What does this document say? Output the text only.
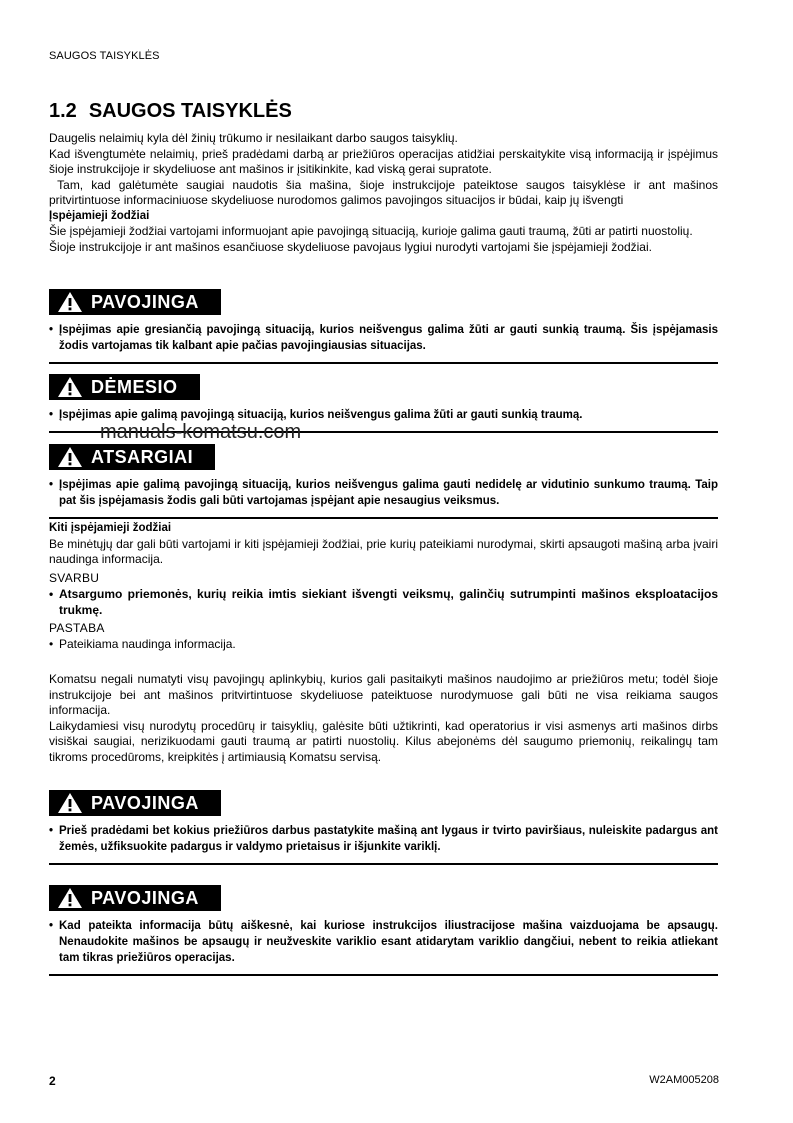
SAUGOS TAISYKLĖS
1.2 SAUGOS TAISYKLĖS

Daugelis nelaimių kyla dėl žinių trūkumo ir nesilaikant darbo saugos taisyklių.

Kad išvengtumėte nelaimių, prieš pradėdami darbą ar priežiūros operacijas atidžiai perskaitykite visą informaciją ir įspėjimus šioje instrukcijoje ir skydeliuose ant mašinos ir įsitikinkite, kad viską gerai supratote.

Tam, kad galėtumėte saugiai naudotis šia mašina, šioje instrukcijoje pateiktose saugos taisyklėse ir ant mašinos pritvirtintuose informaciniuose skydeliuose nurodomos galimos pavojingos situacijos ir būdai, kaip jų išvengti

Įspėjamieji žodžiai

Šie įspėjamieji žodžiai vartojami informuojant apie pavojingą situaciją, kurioje galima gauti traumą, žūti ar patirti nuostolių.

Šioje instrukcijoje ir ant mašinos esančiuose skydeliuose pavojaus lygiui nurodyti vartojami šie įspėjamieji žodžiai.

PAVOJINGA
• Įspėjimas apie gresiančią pavojingą situaciją, kurios neišvengus galima žūti ar gauti sunkią traumą. Šis įspėjamasis žodis vartojamas tik kalbant apie pačias pavojingiausias situacijas.
DĖMESIO
• Įspėjimas apie galimą pavojingą situaciją, kurios neišvengus galima žūti ar gauti sunkią traumą.
manuals-komatsu.com
ATSARGIAI
• Įspėjimas apie galimą pavojingą situaciją, kurios neišvengus galima gauti nedidelę ar vidutinio sunkumo traumą. Taip pat šis įspėjamasis žodis gali būti vartojamas įspėjant apie nesaugius veiksmus.
Kiti įspėjamieji žodžiai

Be minėtųjų dar gali būti vartojami ir kiti įspėjamieji žodžiai, prie kurių pateikiami nurodymai, skirti apsaugoti mašiną arba įvairi naudinga informacija.

SVARBU
• Atsargumo priemonės, kurių reikia imtis siekiant išvengti veiksmų, galinčių sutrumpinti mašinos eksploatacijos trukmę.
PASTABA
• Pateikiama naudinga informacija.

Komatsu negali numatyti visų pavojingų aplinkybių, kurios gali pasitaikyti mašinos naudojimo ar priežiūros metu; todėl šioje instrukcijoje bei ant mašinos pritvirtintuose skydeliuose pateiktuose nurodymuose gali būti ne visa reikiama saugos informacija.

Laikydamiesi visų nurodytų procedūrų ir taisyklių, galėsite būti užtikrinti, kad operatorius ir visi asmenys arti mašinos dirbs visiškai saugiai, nerizikuodami gauti traumą ar patirti nuostolių. Kilus abejonėms dėl saugumo priemonių, reikalingų tam tikroms procedūroms, kreipkitės į artimiausią Komatsu servisą.

PAVOJINGA
• Prieš pradėdami bet kokius priežiūros darbus pastatykite mašiną ant lygaus ir tvirto paviršiaus, nuleiskite padargus ant žemės, užfiksuokite padargus ir valdymo prietaisus ir išjunkite variklį.
PAVOJINGA
• Kad pateikta informacija būtų aiškesnė, kai kuriose instrukcijos iliustracijose mašina vaizduojama be apsaugų. Nenaudokite mašinos be apsaugų ir neužveskite variklio esant atidarytam variklio dangčiui, nebent to reikia atliekant tam tikras priežiūros operacijas.
2	W2AM005208
